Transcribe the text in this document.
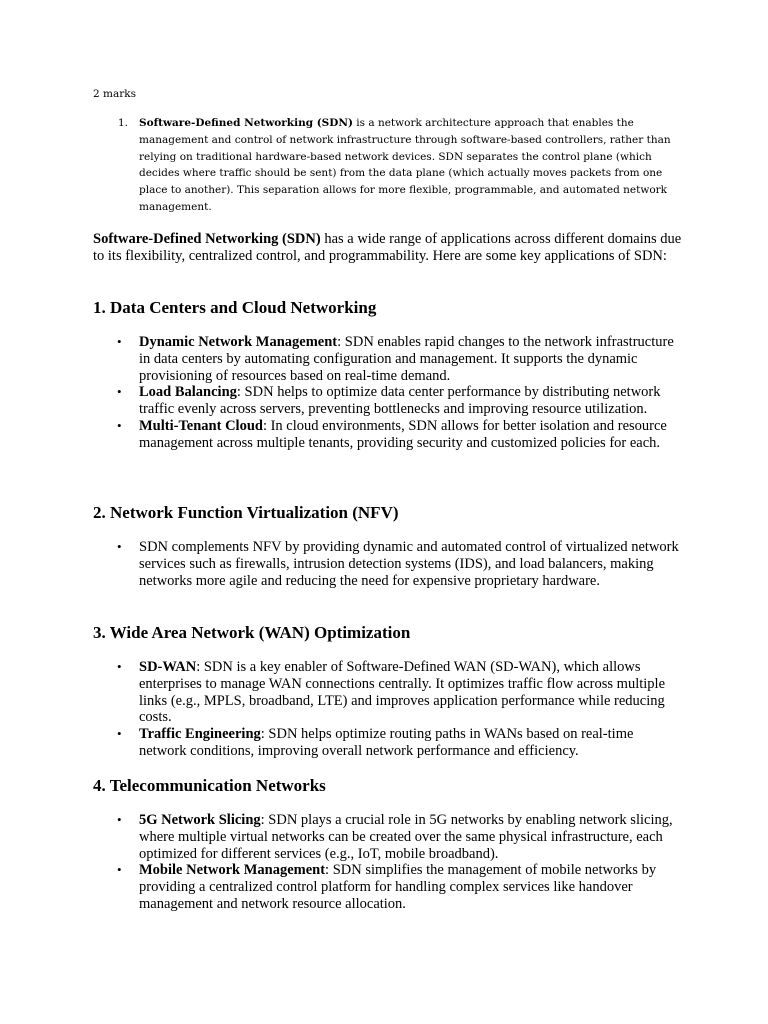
2 marks
1. Software-Defined Networking (SDN) is a network architecture approach that enables the management and control of network infrastructure through software-based controllers, rather than relying on traditional hardware-based network devices. SDN separates the control plane (which decides where traffic should be sent) from the data plane (which actually moves packets from one place to another). This separation allows for more flexible, programmable, and automated network management.

Software-Defined Networking (SDN) has a wide range of applications across different domains due to its flexibility, centralized control, and programmability. Here are some key applications of SDN:

1. Data Centers and Cloud Networking
• Dynamic Network Management: SDN enables rapid changes to the network infrastructure in data centers by automating configuration and management. It supports the dynamic provisioning of resources based on real-time demand.
• Load Balancing: SDN helps to optimize data center performance by distributing network traffic evenly across servers, preventing bottlenecks and improving resource utilization.
• Multi-Tenant Cloud: In cloud environments, SDN allows for better isolation and resource management across multiple tenants, providing security and customized policies for each.
2. Network Function Virtualization (NFV)
• SDN complements NFV by providing dynamic and automated control of virtualized network services such as firewalls, intrusion detection systems (IDS), and load balancers, making networks more agile and reducing the need for expensive proprietary hardware.
3. Wide Area Network (WAN) Optimization
• SD-WAN: SDN is a key enabler of Software-Defined WAN (SD-WAN), which allows enterprises to manage WAN connections centrally. It optimizes traffic flow across multiple links (e.g., MPLS, broadband, LTE) and improves application performance while reducing costs.
• Traffic Engineering: SDN helps optimize routing paths in WANs based on real-time network conditions, improving overall network performance and efficiency.
4. Telecommunication Networks
• 5G Network Slicing: SDN plays a crucial role in 5G networks by enabling network slicing, where multiple virtual networks can be created over the same physical infrastructure, each optimized for different services (e.g., IoT, mobile broadband).
• Mobile Network Management: SDN simplifies the management of mobile networks by providing a centralized control platform for handling complex services like handover management and network resource allocation.
